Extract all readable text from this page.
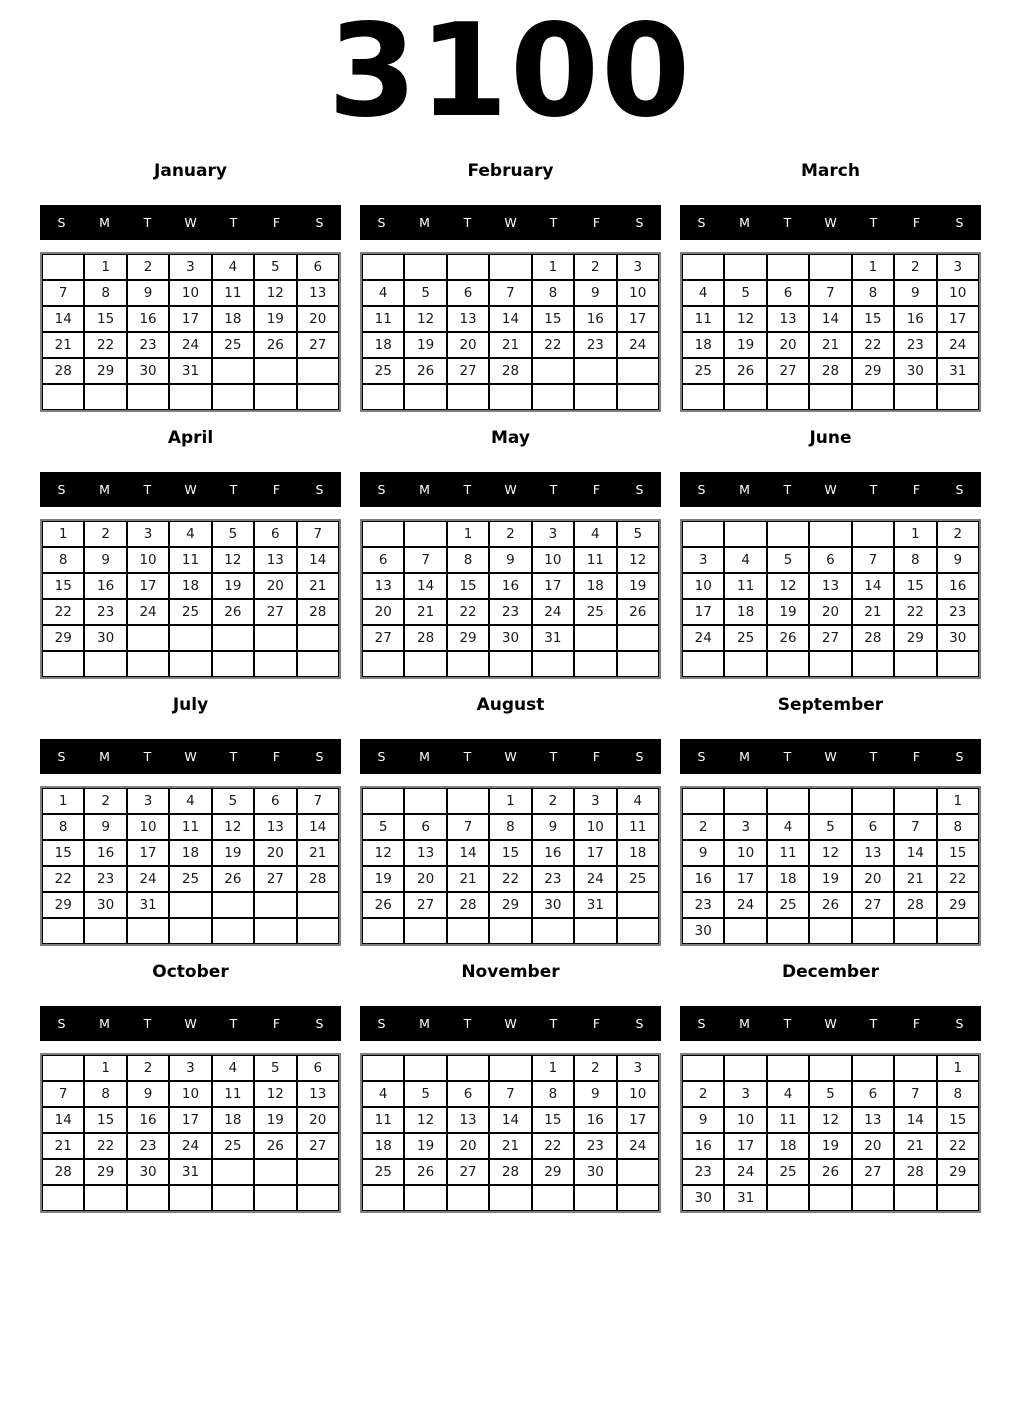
3100
January
S	M	T	W	T	F	S
	1	2	3	4	5	6
7	8	9	10	11	12	13
14	15	16	17	18	19	20
21	22	23	24	25	26	27
28	29	30	31			

February
S	M	T	W	T	F	S
				1	2	3
4	5	6	7	8	9	10
11	12	13	14	15	16	17
18	19	20	21	22	23	24
25	26	27	28			

March
S	M	T	W	T	F	S
				1	2	3
4	5	6	7	8	9	10
11	12	13	14	15	16	17
18	19	20	21	22	23	24
25	26	27	28	29	30	31

April
S	M	T	W	T	F	S
1	2	3	4	5	6	7
8	9	10	11	12	13	14
15	16	17	18	19	20	21
22	23	24	25	26	27	28
29	30					

May
S	M	T	W	T	F	S
		1	2	3	4	5
6	7	8	9	10	11	12
13	14	15	16	17	18	19
20	21	22	23	24	25	26
27	28	29	30	31		

June
S	M	T	W	T	F	S
					1	2
3	4	5	6	7	8	9
10	11	12	13	14	15	16
17	18	19	20	21	22	23
24	25	26	27	28	29	30

July
S	M	T	W	T	F	S
1	2	3	4	5	6	7
8	9	10	11	12	13	14
15	16	17	18	19	20	21
22	23	24	25	26	27	28
29	30	31				

August
S	M	T	W	T	F	S
			1	2	3	4
5	6	7	8	9	10	11
12	13	14	15	16	17	18
19	20	21	22	23	24	25
26	27	28	29	30	31	

September
S	M	T	W	T	F	S
						1
2	3	4	5	6	7	8
9	10	11	12	13	14	15
16	17	18	19	20	21	22
23	24	25	26	27	28	29
30						
October
S	M	T	W	T	F	S
	1	2	3	4	5	6
7	8	9	10	11	12	13
14	15	16	17	18	19	20
21	22	23	24	25	26	27
28	29	30	31			

November
S	M	T	W	T	F	S
				1	2	3
4	5	6	7	8	9	10
11	12	13	14	15	16	17
18	19	20	21	22	23	24
25	26	27	28	29	30	

December
S	M	T	W	T	F	S
						1
2	3	4	5	6	7	8
9	10	11	12	13	14	15
16	17	18	19	20	21	22
23	24	25	26	27	28	29
30	31					
